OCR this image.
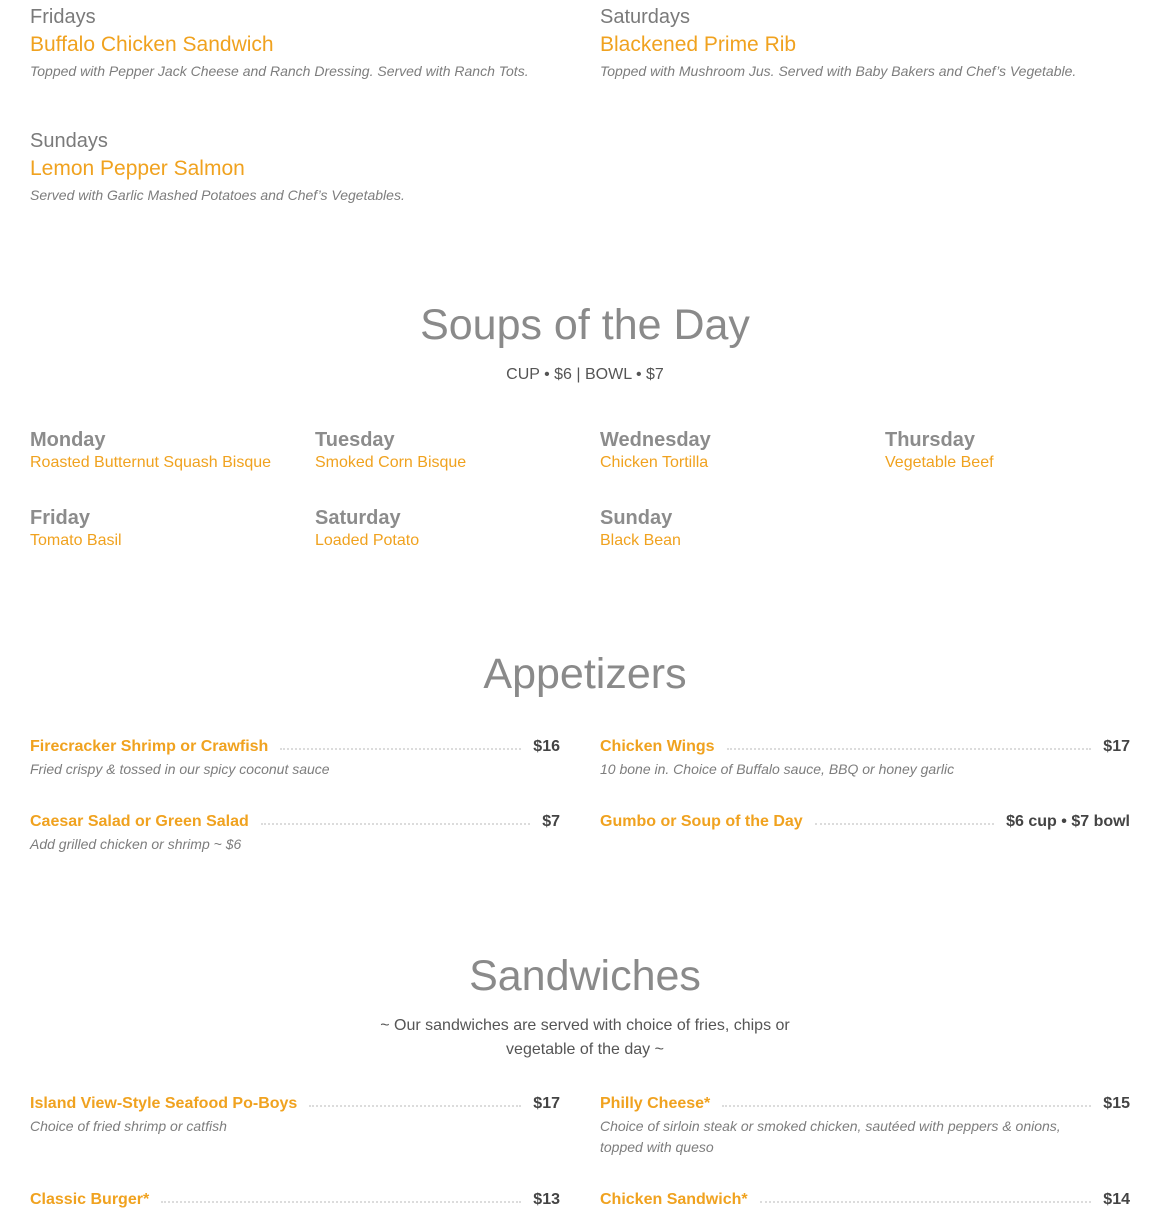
Fridays
Buffalo Chicken Sandwich
Topped with Pepper Jack Cheese and Ranch Dressing. Served with Ranch Tots.
Saturdays
Blackened Prime Rib
Topped with Mushroom Jus. Served with Baby Bakers and Chef’s Vegetable.
Sundays
Lemon Pepper Salmon
Served with Garlic Mashed Potatoes and Chef’s Vegetables.
Soups of the Day
CUP • $6 | BOWL • $7
Monday
Roasted Butternut Squash Bisque
Tuesday
Smoked Corn Bisque
Wednesday
Chicken Tortilla
Thursday
Vegetable Beef
Friday
Tomato Basil
Saturday
Loaded Potato
Sunday
Black Bean
Appetizers
Firecracker Shrimp or Crawfish	$16
Fried crispy & tossed in our spicy coconut sauce
Chicken Wings	$17
10 bone in. Choice of Buffalo sauce, BBQ or honey garlic
Caesar Salad or Green Salad	$7
Add grilled chicken or shrimp ~ $6
Gumbo or Soup of the Day	$6 cup • $7 bowl
Sandwiches
~ Our sandwiches are served with choice of fries, chips or
vegetable of the day ~
Island View-Style Seafood Po-Boys	$17
Choice of fried shrimp or catfish
Philly Cheese*	$15
Choice of sirloin steak or smoked chicken, sautéed with peppers & onions, topped with queso
Classic Burger*	$13	Chicken Sandwich*	$14
